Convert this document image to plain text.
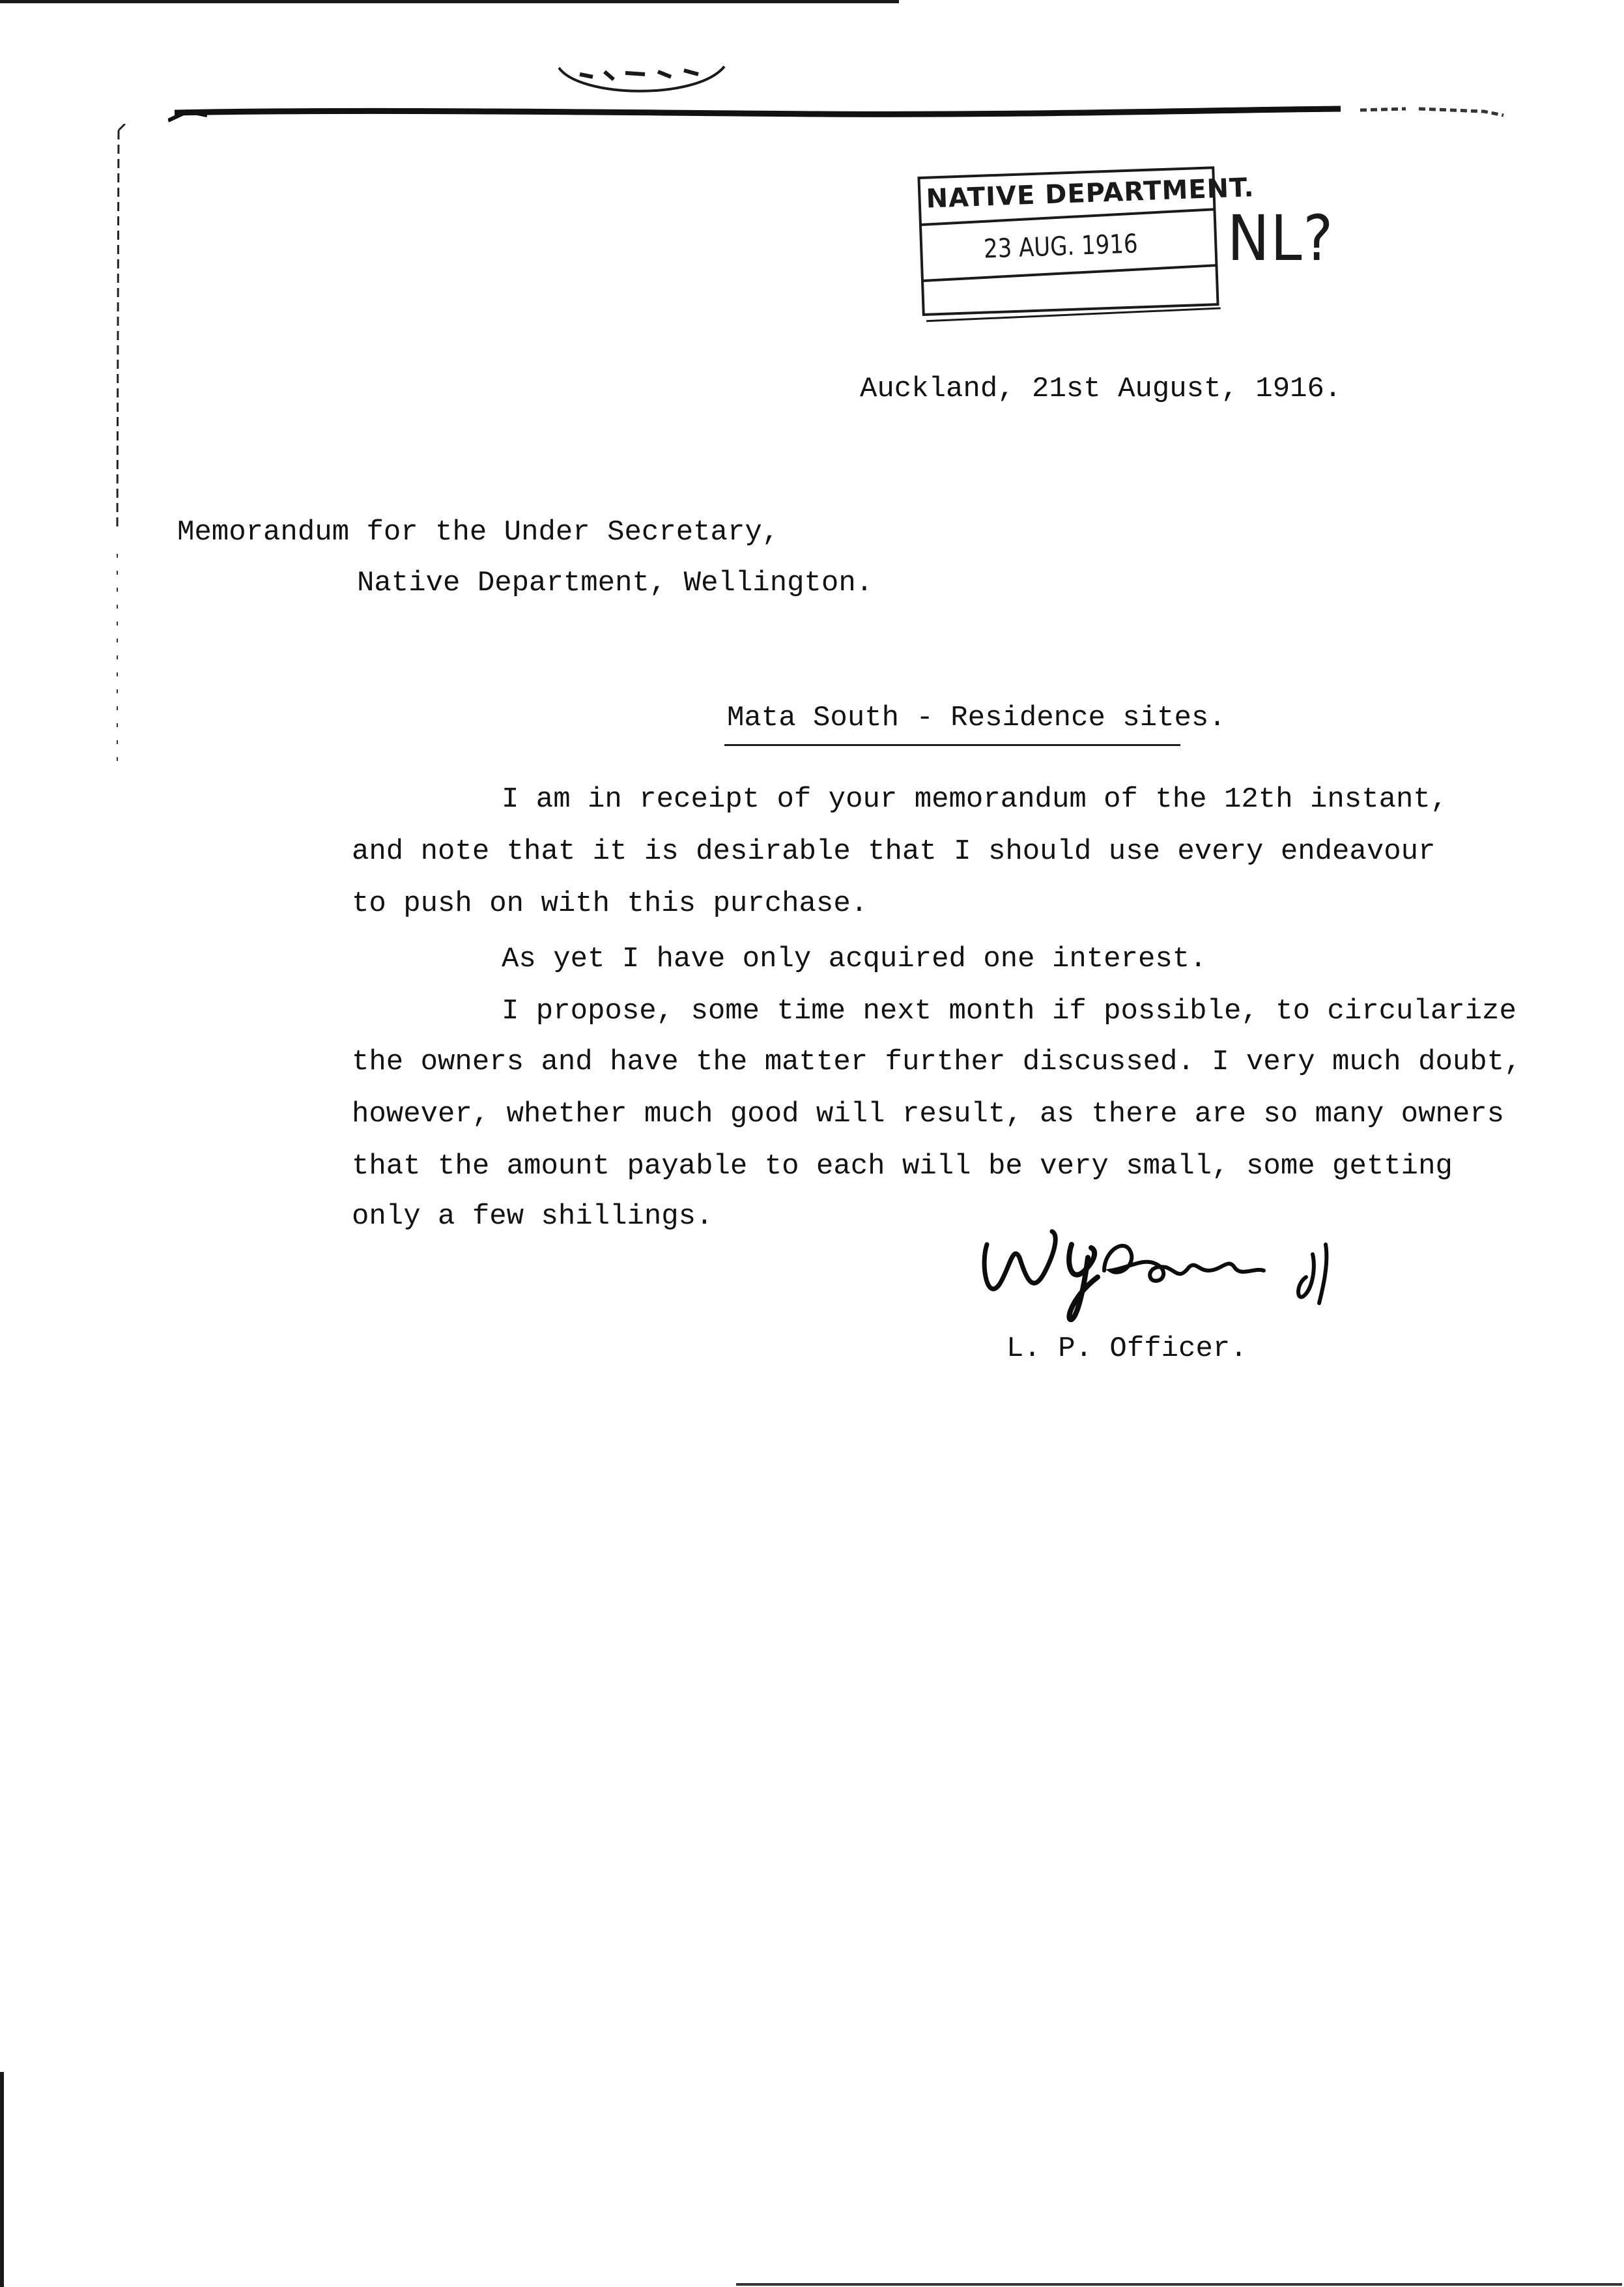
NATIVE DEPARTMENT.
23 AUG. 1916	NL?
Auckland, 21st August, 1916.
Memorandum for the Under Secretary,
Native Department, Wellington.
Mata South - Residence sites.
I am in receipt of your memorandum of the 12th instant,
and note that it is desirable that I should use every endeavour
to push on with this purchase.
As yet I have only acquired one interest.
I propose, some time next month if possible, to circularize
the owners and have the matter further discussed. I very much doubt,
however, whether much good will result, as there are so many owners
that the amount payable to each will be very small, some getting
only a few shillings.
L. P. Officer.
